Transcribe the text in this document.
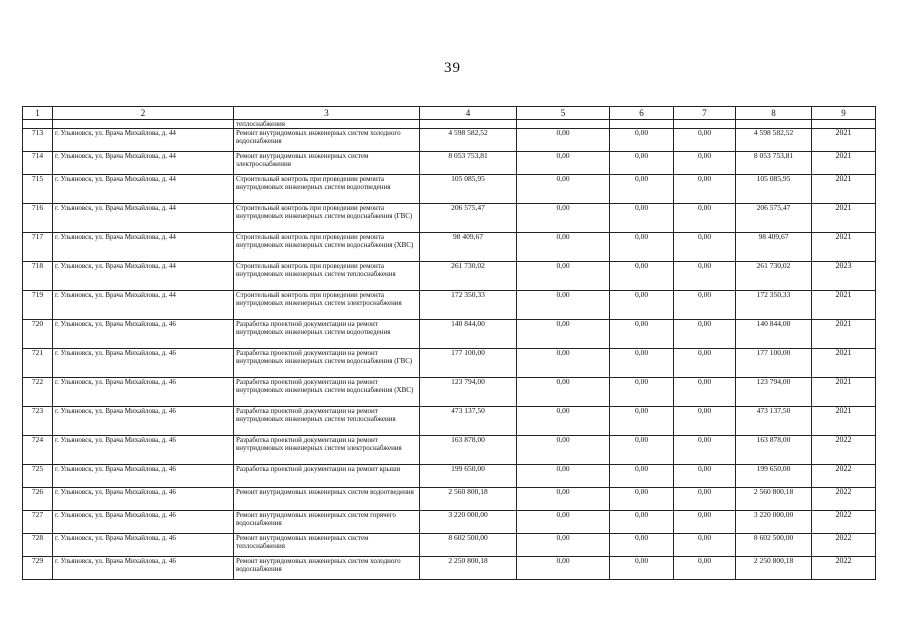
39
1	2	3	4	5	6	7	8	9
		теплоснабжения						
713	г. Ульяновск, ул. Врача Михайлова, д. 44	Ремонт внутридомовых инженерных систем холодного водоснабжения	4 598 582,52	0,00	0,00	0,00	4 598 582,52	2021
714	г. Ульяновск, ул. Врача Михайлова, д. 44	Ремонт внутридомовых инженерных систем электроснабжения	8 053 753,81	0,00	0,00	0,00	8 053 753,81	2021
715	г. Ульяновск, ул. Врача Михайлова, д. 44	Строительный контроль при проведении ремонта внутридомовых инженерных систем водоотведения	105 085,95	0,00	0,00	0,00	105 085,95	2021
716	г. Ульяновск, ул. Врача Михайлова, д. 44	Строительный контроль при проведении ремонта внутридомовых инженерных систем водоснабжения (ГВС)	206 575,47	0,00	0,00	0,00	206 575,47	2021
717	г. Ульяновск, ул. Врача Михайлова, д. 44	Строительный контроль при проведении ремонта внутридомовых инженерных систем водоснабжения (ХВС)	98 409,67	0,00	0,00	0,00	98 409,67	2021
718	г. Ульяновск, ул. Врача Михайлова, д. 44	Строительный контроль при проведении ремонта внутридомовых инженерных систем теплоснабжения	261 730,02	0,00	0,00	0,00	261 730,02	2023
719	г. Ульяновск, ул. Врача Михайлова, д. 44	Строительный контроль при проведении ремонта внутридомовых инженерных систем электроснабжения	172 350,33	0,00	0,00	0,00	172 350,33	2021
720	г. Ульяновск, ул. Врача Михайлова, д. 46	Разработка проектной документации на ремонт внутридомовых инженерных систем водоотведения	140 844,00	0,00	0,00	0,00	140 844,00	2021
721	г. Ульяновск, ул. Врача Михайлова, д. 46	Разработка проектной документации на ремонт внутридомовых инженерных систем водоснабжения (ГВС)	177 100,00	0,00	0,00	0,00	177 100,00	2021
722	г. Ульяновск, ул. Врача Михайлова, д. 46	Разработка проектной документации на ремонт внутридомовых инженерных систем водоснабжения (ХВС)	123 794,00	0,00	0,00	0,00	123 794,00	2021
723	г. Ульяновск, ул. Врача Михайлова, д. 46	Разработка проектной документации на ремонт внутридомовых инженерных систем теплоснабжения	473 137,50	0,00	0,00	0,00	473 137,50	2021
724	г. Ульяновск, ул. Врача Михайлова, д. 46	Разработка проектной документации на ремонт внутридомовых инженерных систем электроснабжения	163 878,00	0,00	0,00	0,00	163 878,00	2022
725	г. Ульяновск, ул. Врача Михайлова, д. 46	Разработка проектной документации на ремонт крыши	199 650,00	0,00	0,00	0,00	199 650,00	2022
726	г. Ульяновск, ул. Врача Михайлова, д. 46	Ремонт внутридомовых инженерных систем водоотведения	2 560 800,18	0,00	0,00	0,00	2 560 800,18	2022
727	г. Ульяновск, ул. Врача Михайлова, д. 46	Ремонт внутридомовых инженерных систем горячего водоснабжения	3 220 000,00	0,00	0,00	0,00	3 220 000,00	2022
728	г. Ульяновск, ул. Врача Михайлова, д. 46	Ремонт внутридомовых инженерных систем теплоснабжения	8 602 500,00	0,00	0,00	0,00	8 602 500,00	2022
729	г. Ульяновск, ул. Врача Михайлова, д. 46	Ремонт внутридомовых инженерных систем холодного водоснабжения	2 250 800,18	0,00	0,00	0,00	2 250 800,18	2022
